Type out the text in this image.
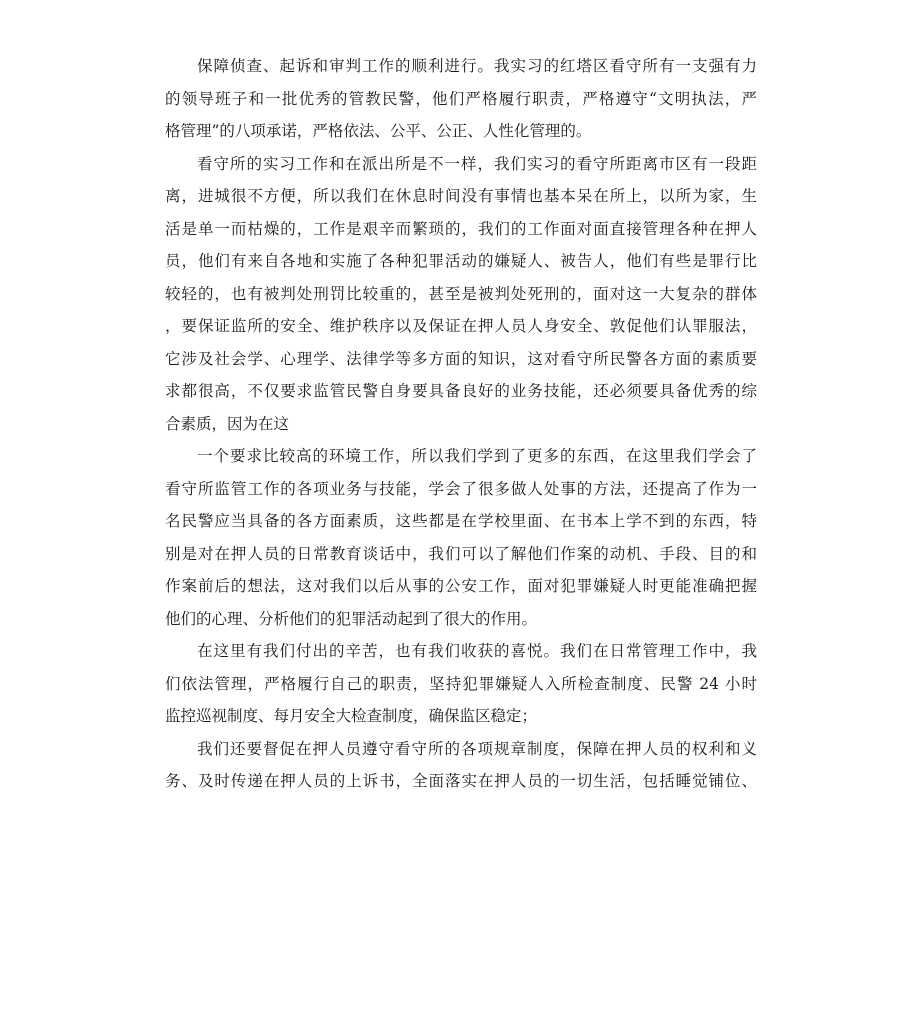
保障侦查、起诉和审判工作的顺利进行。我实习的红塔区看守所有一支强有力
的领导班子和一批优秀的管教民警，他们严格履行职责，严格遵守“文明执法，严
格管理”的八项承诺，严格依法、公平、公正、人性化管理的。
看守所的实习工作和在派出所是不一样，我们实习的看守所距离市区有一段距
离，进城很不方便，所以我们在休息时间没有事情也基本呆在所上，以所为家，生
活是单一而枯燥的，工作是艰辛而繁琐的，我们的工作面对面直接管理各种在押人
员，他们有来自各地和实施了各种犯罪活动的嫌疑人、被告人，他们有些是罪行比
较轻的，也有被判处刑罚比较重的，甚至是被判处死刑的，面对这一大复杂的群体
，要保证监所的安全、维护秩序以及保证在押人员人身安全、敦促他们认罪服法，
它涉及社会学、心理学、法律学等多方面的知识，这对看守所民警各方面的素质要
求都很高，不仅要求监管民警自身要具备良好的业务技能，还必须要具备优秀的综
合素质，因为在这
一个要求比较高的环境工作，所以我们学到了更多的东西，在这里我们学会了
看守所监管工作的各项业务与技能，学会了很多做人处事的方法，还提高了作为一
名民警应当具备的各方面素质，这些都是在学校里面、在书本上学不到的东西，特
别是对在押人员的日常教育谈话中，我们可以了解他们作案的动机、手段、目的和
作案前后的想法，这对我们以后从事的公安工作，面对犯罪嫌疑人时更能准确把握
他们的心理、分析他们的犯罪活动起到了很大的作用。
在这里有我们付出的辛苦，也有我们收获的喜悦。我们在日常管理工作中，我
们依法管理，严格履行自己的职责，坚持犯罪嫌疑人入所检查制度、民警 24 小时
监控巡视制度、每月安全大检查制度，确保监区稳定；
我们还要督促在押人员遵守看守所的各项规章制度，保障在押人员的权利和义
务、及时传递在押人员的上诉书，全面落实在押人员的一切生活，包括睡觉铺位、
